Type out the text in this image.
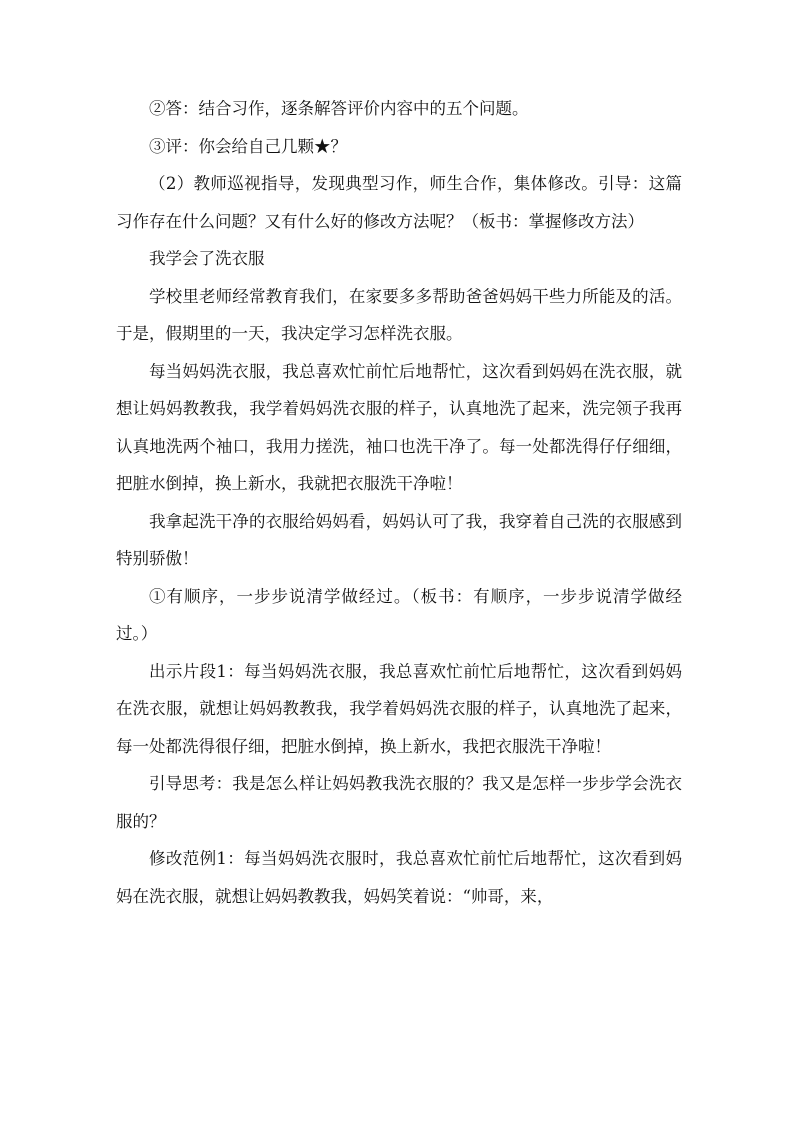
②答：结合习作，逐条解答评价内容中的五个问题。

③评：你会给自己几颗★？

（2）教师巡视指导，发现典型习作，师生合作，集体修改。引导：这篇习作存在什么问题？又有什么好的修改方法呢？（板书：掌握修改方法）

我学会了洗衣服

学校里老师经常教育我们，在家要多多帮助爸爸妈妈干些力所能及的活。于是，假期里的一天，我决定学习怎样洗衣服。

每当妈妈洗衣服，我总喜欢忙前忙后地帮忙，这次看到妈妈在洗衣服，就想让妈妈教教我，我学着妈妈洗衣服的样子，认真地洗了起来，洗完领子我再认真地洗两个袖口，我用力搓洗，袖口也洗干净了。每一处都洗得仔仔细细，把脏水倒掉，换上新水，我就把衣服洗干净啦！

我拿起洗干净的衣服给妈妈看，妈妈认可了我，我穿着自己洗的衣服感到特别骄傲！

①有顺序，一步步说清学做经过。（板书：有顺序，一步步说清学做经过。）

出示片段1：每当妈妈洗衣服，我总喜欢忙前忙后地帮忙，这次看到妈妈在洗衣服，就想让妈妈教教我，我学着妈妈洗衣服的样子，认真地洗了起来，每一处都洗得很仔细，把脏水倒掉，换上新水，我把衣服洗干净啦！

引导思考：我是怎么样让妈妈教我洗衣服的？我又是怎样一步步学会洗衣服的？

修改范例1：每当妈妈洗衣服时，我总喜欢忙前忙后地帮忙，这次看到妈妈在洗衣服，就想让妈妈教教我，妈妈笑着说：“帅哥，来，
